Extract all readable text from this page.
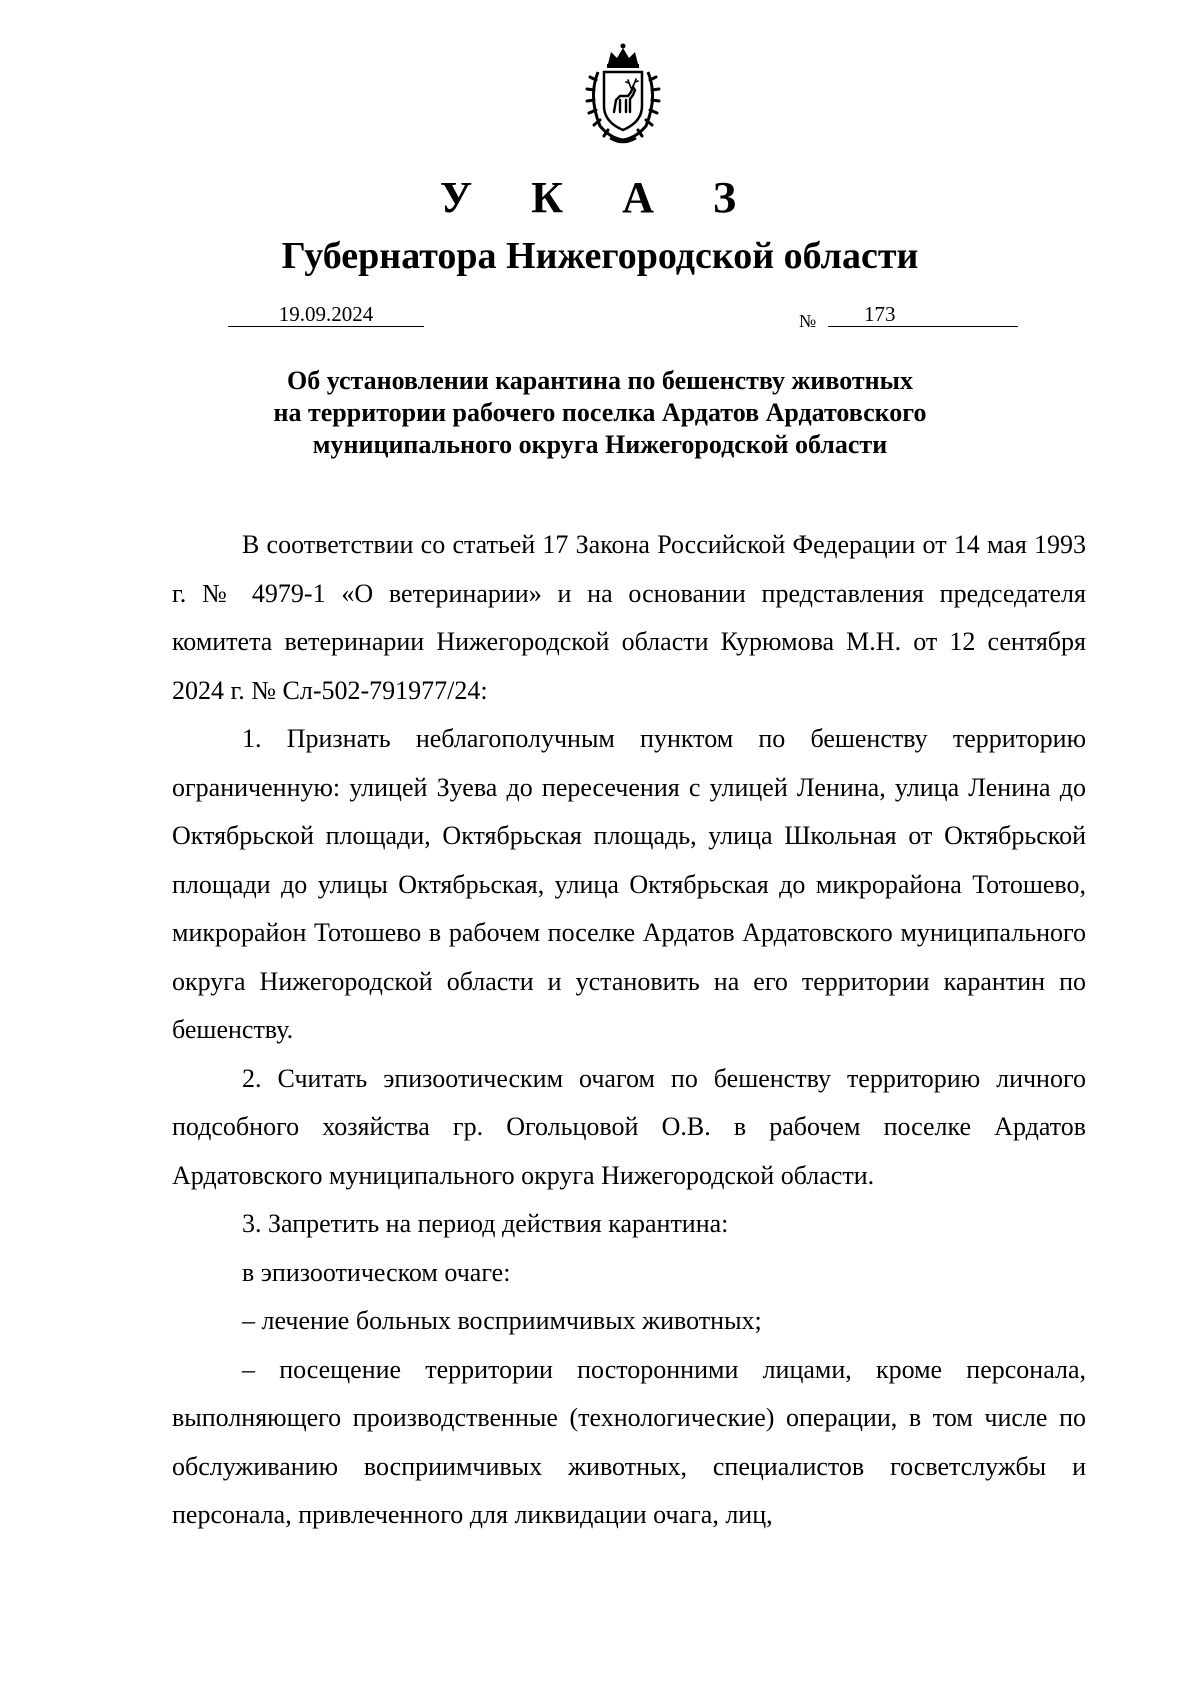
У К А З
Губернатора Нижегородской области
19.09.2024	№	173
Об установлении карантина по бешенству животных
на территории рабочего поселка Ардатов Ардатовского
муниципального округа Нижегородской области

В соответствии со статьей 17 Закона Российской Федерации от 14 мая 1993 г. № 4979-1 «О ветеринарии» и на основании представления председателя комитета ветеринарии Нижегородской области Курюмова М.Н. от 12 сентября 2024 г. № Сл-502-791977/24:

1. Признать неблагополучным пунктом по бешенству территорию ограниченную: улицей Зуева до пересечения с улицей Ленина, улица Ленина до Октябрьской площади, Октябрьская площадь, улица Школьная от Октябрьской площади до улицы Октябрьская, улица Октябрьская до микрорайона Тотошево, микрорайон Тотошево в рабочем поселке Ардатов Ардатовского муниципального округа Нижегородской области и установить на его территории карантин по бешенству.

2. Считать эпизоотическим очагом по бешенству территорию личного подсобного хозяйства гр. Огольцовой О.В. в рабочем поселке Ардатов Ардатовского муниципального округа Нижегородской области.

3. Запретить на период действия карантина:

в эпизоотическом очаге:

– лечение больных восприимчивых животных;

– посещение территории посторонними лицами, кроме персонала, выполняющего производственные (технологические) операции, в том числе по обслуживанию восприимчивых животных, специалистов госветслужбы и персонала, привлеченного для ликвидации очага, лиц,
